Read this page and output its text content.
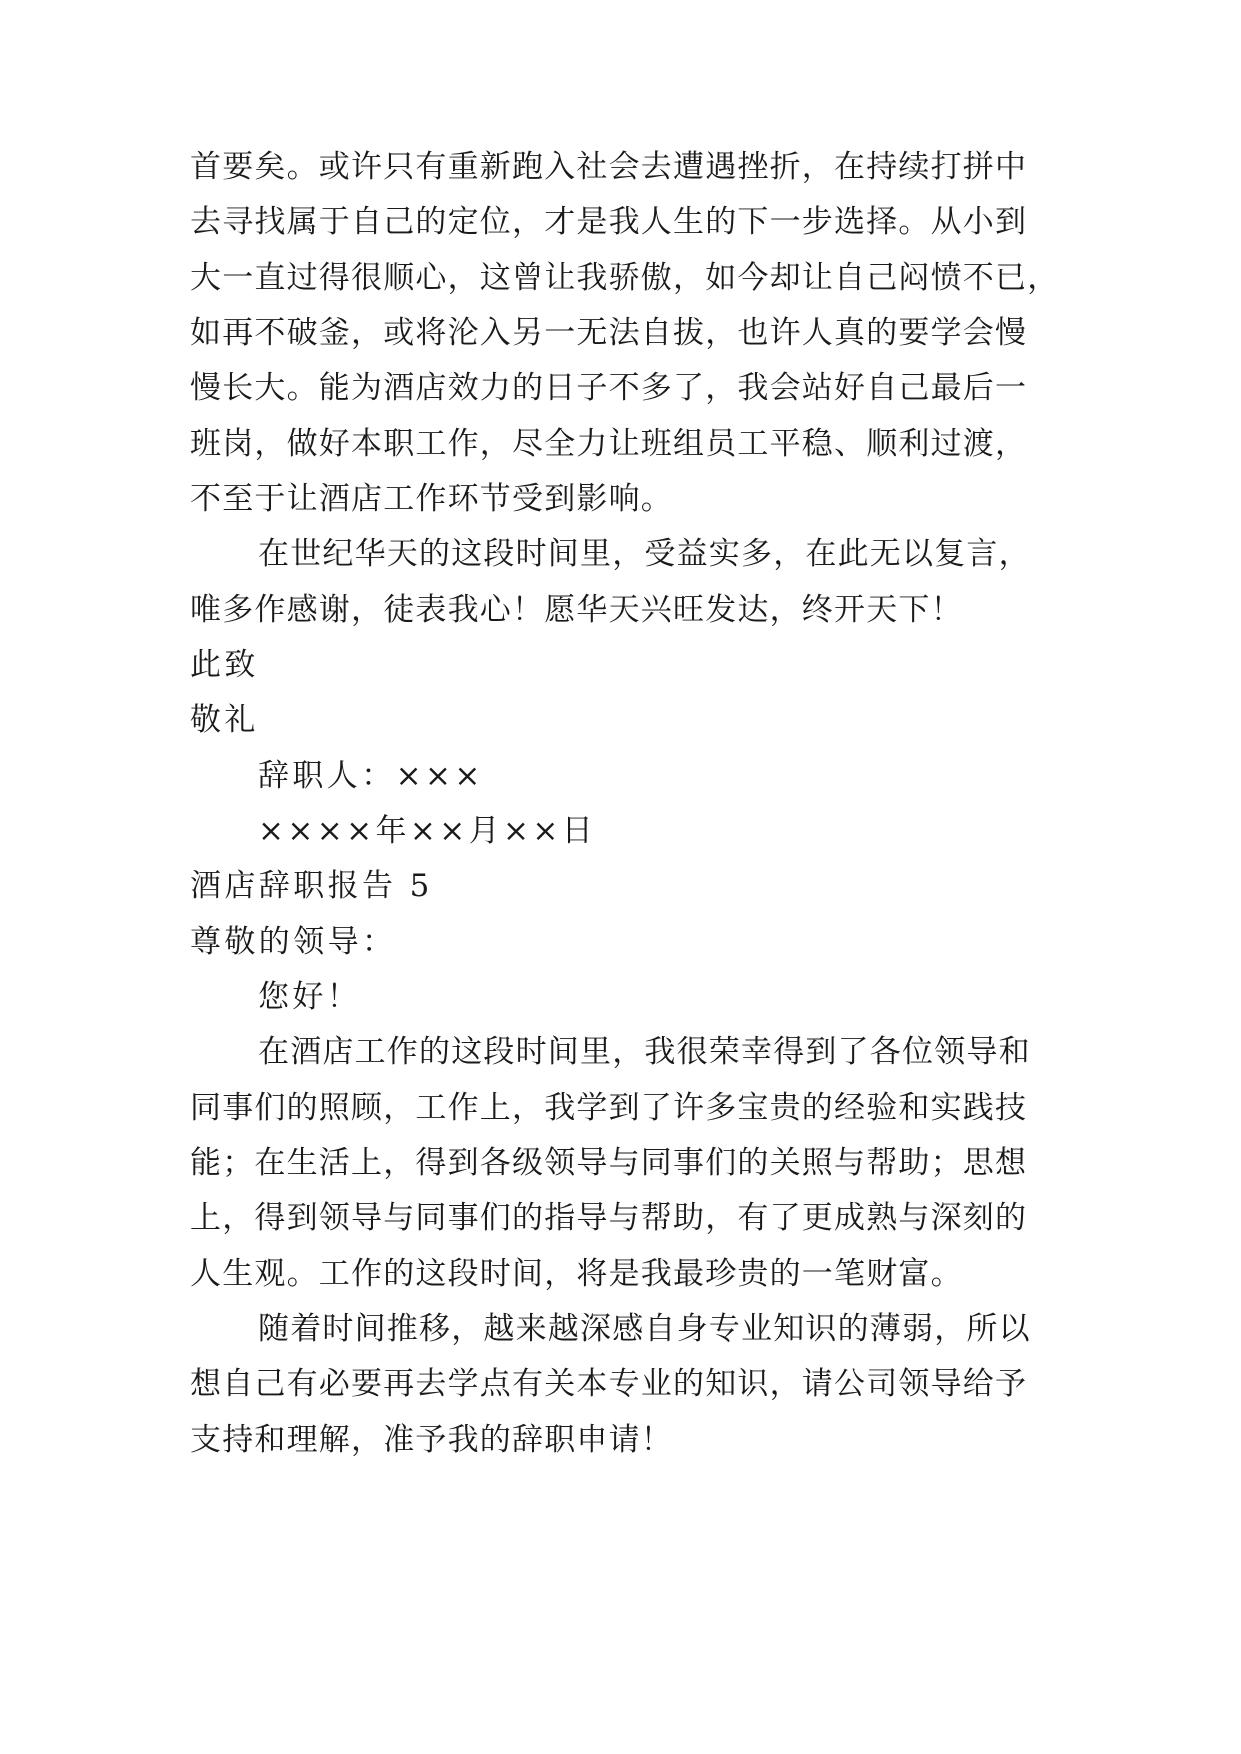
首要矣。或许只有重新跑入社会去遭遇挫折，在持续打拼中
去寻找属于自己的定位，才是我人生的下一步选择。从小到
大一直过得很顺心，这曾让我骄傲，如今却让自己闷愤不已，
如再不破釜，或将沦入另一无法自拔，也许人真的要学会慢
慢长大。能为酒店效力的日子不多了，我会站好自己最后一
班岗，做好本职工作，尽全力让班组员工平稳、顺利过渡，
不至于让酒店工作环节受到影响。
在世纪华天的这段时间里，受益实多，在此无以复言，
唯多作感谢，徒表我心！愿华天兴旺发达，终开天下！
此致
敬礼
辞职人：×××
××××年××月××日
酒店辞职报告 5
尊敬的领导：
您好！
在酒店工作的这段时间里，我很荣幸得到了各位领导和
同事们的照顾，工作上，我学到了许多宝贵的经验和实践技
能；在生活上，得到各级领导与同事们的关照与帮助；思想
上，得到领导与同事们的指导与帮助，有了更成熟与深刻的
人生观。工作的这段时间，将是我最珍贵的一笔财富。
随着时间推移，越来越深感自身专业知识的薄弱，所以
想自己有必要再去学点有关本专业的知识，请公司领导给予
支持和理解，准予我的辞职申请！
